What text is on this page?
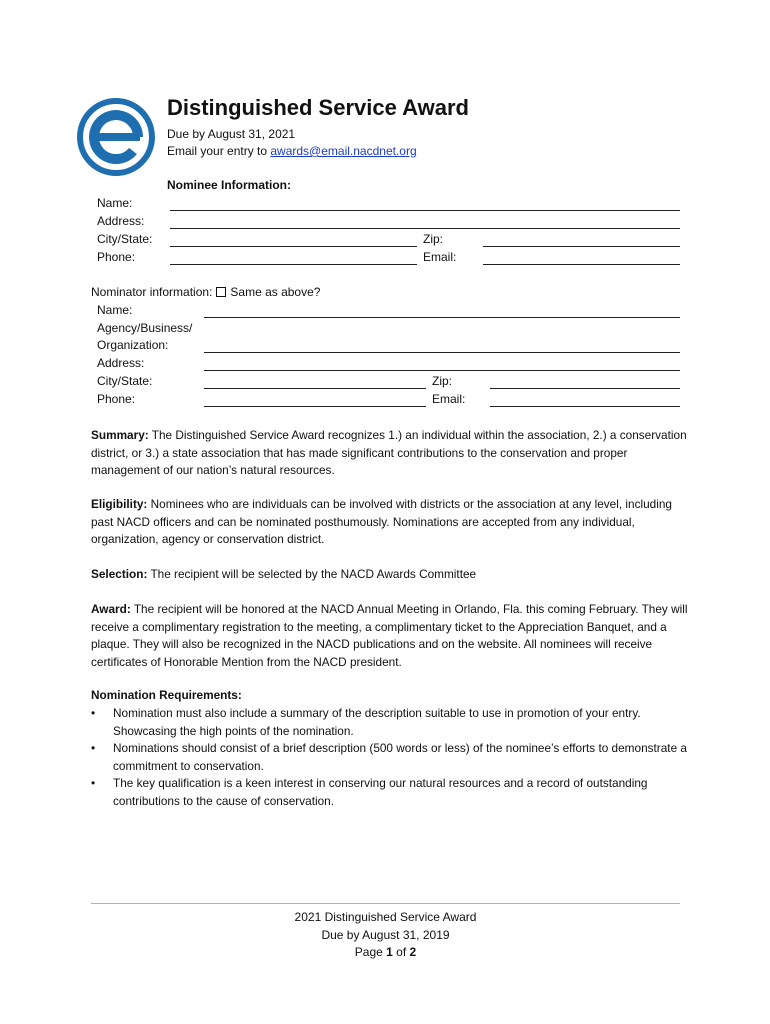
Distinguished Service Award
Due by August 31, 2021
Email your entry to awards@email.nacdnet.org
Nominee Information:
Name:
Address:
City/State:	Zip:
Phone:	Email:
Nominator information: Same as above?
Name:
Agency/Business/
Organization:
Address:
City/State:	Zip:
Phone:	Email:
Summary: The Distinguished Service Award recognizes 1.) an individual within the association, 2.) a conservation district, or 3.) a state association that has made significant contributions to the conservation and proper management of our nation’s natural resources.
Eligibility: Nominees who are individuals can be involved with districts or the association at any level, including past NACD officers and can be nominated posthumously. Nominations are accepted from any individual, organization, agency or conservation district.
Selection: The recipient will be selected by the NACD Awards Committee
Award: The recipient will be honored at the NACD Annual Meeting in Orlando, Fla. this coming February. They will receive a complimentary registration to the meeting, a complimentary ticket to the Appreciation Banquet, and a plaque. They will also be recognized in the NACD publications and on the website. All nominees will receive certificates of Honorable Mention from the NACD president.
Nomination Requirements:
• Nomination must also include a summary of the description suitable to use in promotion of your entry. Showcasing the high points of the nomination.
• Nominations should consist of a brief description (500 words or less) of the nominee’s efforts to demonstrate a commitment to conservation.
• The key qualification is a keen interest in conserving our natural resources and a record of outstanding contributions to the cause of conservation.
2021 Distinguished Service Award
Due by August 31, 2019
Page 1 of 2
